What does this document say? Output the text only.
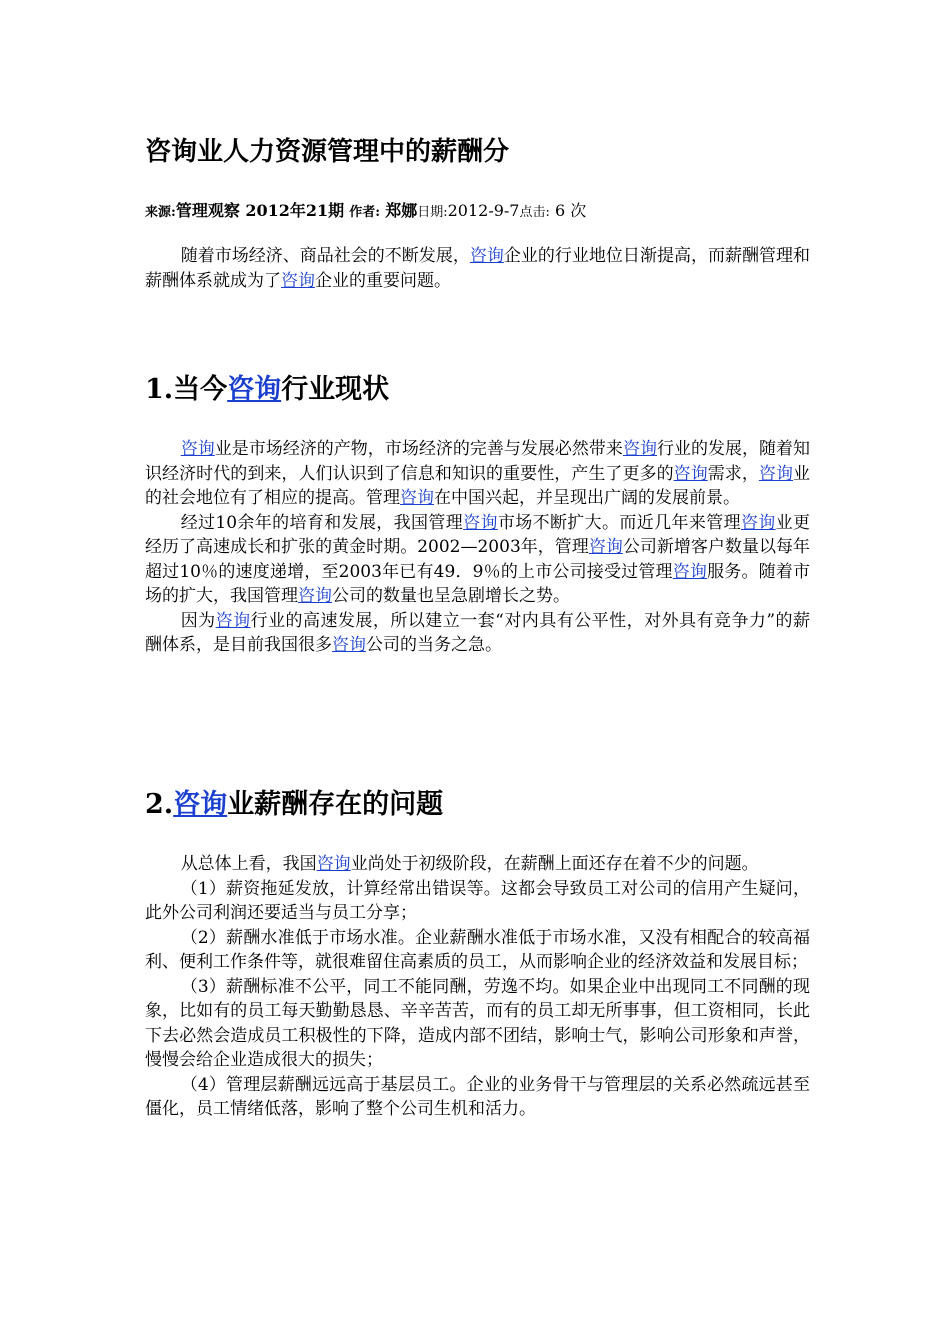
咨询业人力资源管理中的薪酬分
来源:管理观察 2012年21期 作者: 郑娜日期:2012-9-7点击: 6 次

随着市场经济、商品社会的不断发展，咨询企业的行业地位日渐提高，而薪酬管理和薪酬体系就成为了咨询企业的重要问题。

1.当今咨询行业现状

咨询业是市场经济的产物，市场经济的完善与发展必然带来咨询行业的发展，随着知识经济时代的到来，人们认识到了信息和知识的重要性，产生了更多的咨询需求，咨询业的社会地位有了相应的提高。管理咨询在中国兴起，并呈现出广阔的发展前景。

经过10余年的培育和发展，我国管理咨询市场不断扩大。而近几年来管理咨询业更经历了高速成长和扩张的黄金时期。2002—2003年，管理咨询公司新增客户数量以每年超过10％的速度递增，至2003年已有49．9％的上市公司接受过管理咨询服务。随着市场的扩大，我国管理咨询公司的数量也呈急剧增长之势。

因为咨询行业的高速发展，所以建立一套“对内具有公平性，对外具有竞争力”的薪酬体系，是目前我国很多咨询公司的当务之急。

2.咨询业薪酬存在的问题

从总体上看，我国咨询业尚处于初级阶段，在薪酬上面还存在着不少的问题。

（1）薪资拖延发放，计算经常出错误等。这都会导致员工对公司的信用产生疑问，此外公司利润还要适当与员工分享；

（2）薪酬水准低于市场水准。企业薪酬水准低于市场水准，又没有相配合的较高福利、便利工作条件等，就很难留住高素质的员工，从而影响企业的经济效益和发展目标；

（3）薪酬标准不公平，同工不能同酬，劳逸不均。如果企业中出现同工不同酬的现象，比如有的员工每天勤勤恳恳、辛辛苦苦，而有的员工却无所事事，但工资相同，长此下去必然会造成员工积极性的下降，造成内部不团结，影响士气，影响公司形象和声誉，慢慢会给企业造成很大的损失；

（4）管理层薪酬远远高于基层员工。企业的业务骨干与管理层的关系必然疏远甚至僵化，员工情绪低落，影响了整个公司生机和活力。
